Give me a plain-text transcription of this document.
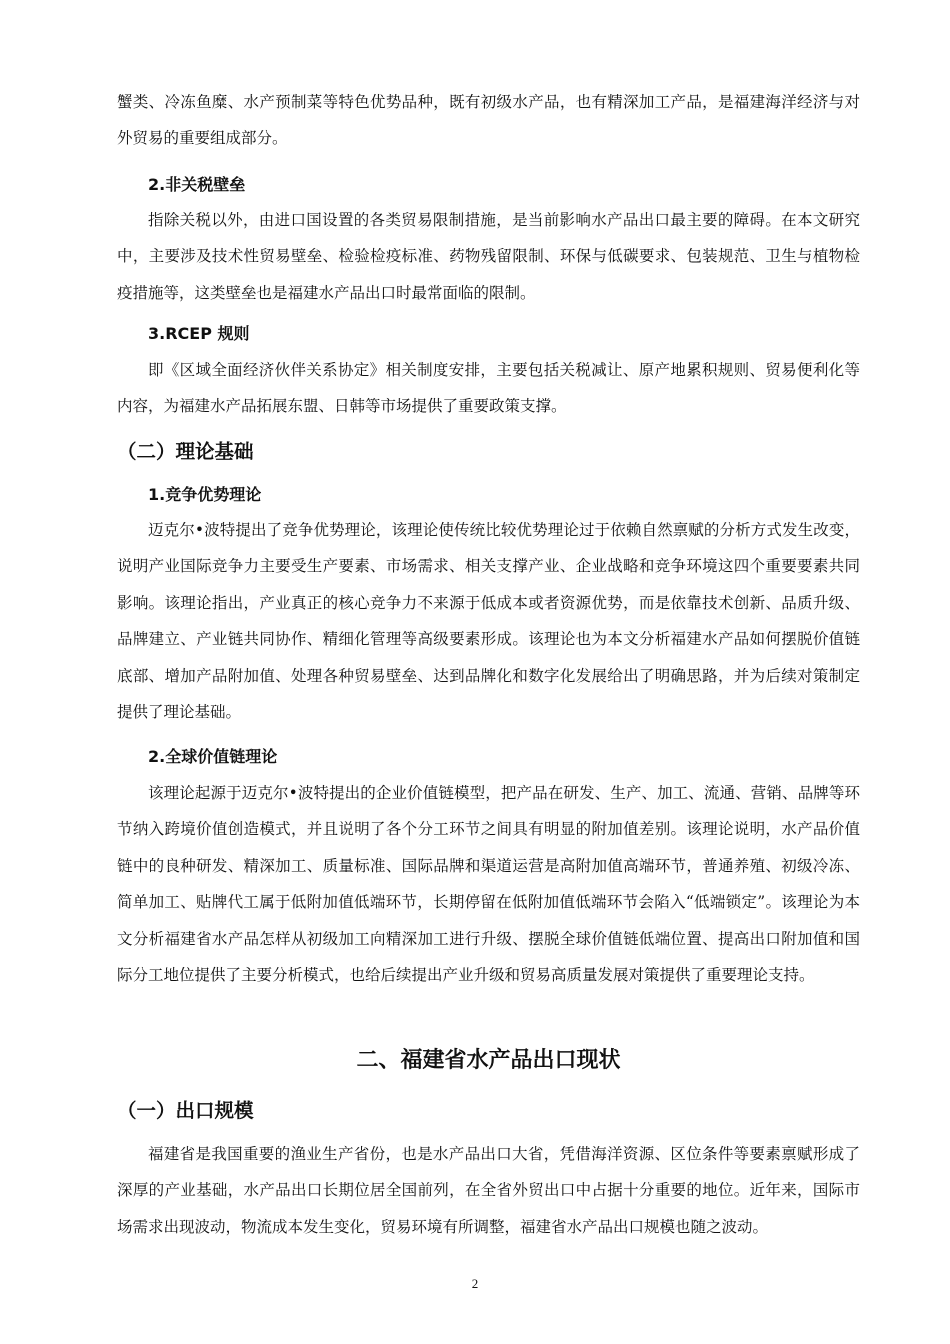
蟹类、冷冻鱼糜、水产预制菜等特色优势品种，既有初级水产品，也有精深加工产品，是福建海洋经济与对外贸易的重要组成部分。

2.非关税壁垒

指除关税以外，由进口国设置的各类贸易限制措施，是当前影响水产品出口最主要的障碍。在本文研究中，主要涉及技术性贸易壁垒、检验检疫标准、药物残留限制、环保与低碳要求、包装规范、卫生与植物检疫措施等，这类壁垒也是福建水产品出口时最常面临的限制。

3.RCEP 规则

即《区域全面经济伙伴关系协定》相关制度安排，主要包括关税减让、原产地累积规则、贸易便利化等内容，为福建水产品拓展东盟、日韩等市场提供了重要政策支撑。

（二）理论基础
1.竞争优势理论

迈克尔•波特提出了竞争优势理论，该理论使传统比较优势理论过于依赖自然禀赋的分析方式发生改变，说明产业国际竞争力主要受生产要素、市场需求、相关支撑产业、企业战略和竞争环境这四个重要要素共同影响。该理论指出，产业真正的核心竞争力不来源于低成本或者资源优势，而是依靠技术创新、品质升级、品牌建立、产业链共同协作、精细化管理等高级要素形成。该理论也为本文分析福建水产品如何摆脱价值链底部、增加产品附加值、处理各种贸易壁垒、达到品牌化和数字化发展给出了明确思路，并为后续对策制定提供了理论基础。

2.全球价值链理论

该理论起源于迈克尔•波特提出的企业价值链模型，把产品在研发、生产、加工、流通、营销、品牌等环节纳入跨境价值创造模式，并且说明了各个分工环节之间具有明显的附加值差别。该理论说明，水产品价值链中的良种研发、精深加工、质量标准、国际品牌和渠道运营是高附加值高端环节，普通养殖、初级冷冻、简单加工、贴牌代工属于低附加值低端环节，长期停留在低附加值低端环节会陷入“低端锁定”。该理论为本文分析福建省水产品怎样从初级加工向精深加工进行升级、摆脱全球价值链低端位置、提高出口附加值和国际分工地位提供了主要分析模式，也给后续提出产业升级和贸易高质量发展对策提供了重要理论支持。

二、福建省水产品出口现状
（一）出口规模

福建省是我国重要的渔业生产省份，也是水产品出口大省，凭借海洋资源、区位条件等要素禀赋形成了深厚的产业基础，水产品出口长期位居全国前列，在全省外贸出口中占据十分重要的地位。近年来，国际市场需求出现波动，物流成本发生变化，贸易环境有所调整，福建省水产品出口规模也随之波动。

2
